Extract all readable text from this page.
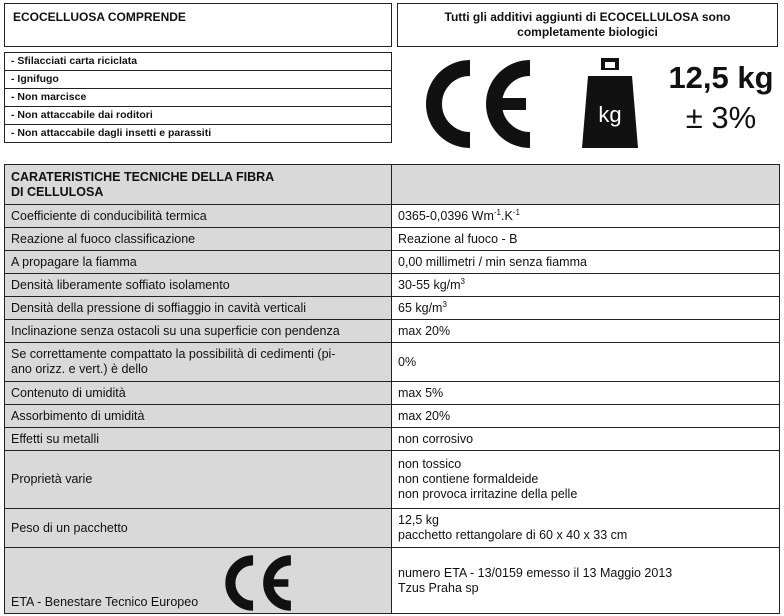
ECOCELLUOSA COMPRENDE	Tutti gli additivi aggiunti di ECOCELLULOSA sono completamente biologici
- Sfilacciati carta riciclata
- Ignifugo
- Non marcisce
- Non attaccabile dai roditori
- Non attaccabile dagli insetti e parassiti
kg
12,5 kg
± 3%
CARATERISTICHE TECNICHE DELLA FIBRA
DI CELLULOSA	
Coefficiente di conducibilità termica	0365-0,0396 $Wm^{-1}.K^{-1}$
Reazione al fuoco classificazione	Reazione al fuoco - B
A propagare la fiamma	0,00 millimetri / min senza fiamma
Densità liberamente soffiato isolamento	30-55 $kg/m^3$
Densità della pressione di soffiaggio in cavità verticali	65 $kg/m^3$
Inclinazione senza ostacoli su una superficie con pendenza	max 20%
Se correttamente compattato la possibilità di cedimenti (pi-
ano orizz. e vert.) è dello	0%
Contenuto di umidità	max 5%
Assorbimento di umidità	max 20%
Effetti su metalli	non corrosivo
Proprietà varie	non tossico
non contiene formaldeide
non provoca irritazine della pelle
Peso di un pacchetto	12,5 kg
pacchetto rettangolare di 60 x 40 x 33 cm

ETA - Benestare Tecnico Europeo	numero ETA - 13/0159 emesso il 13 Maggio 2013
Tzus Praha sp
